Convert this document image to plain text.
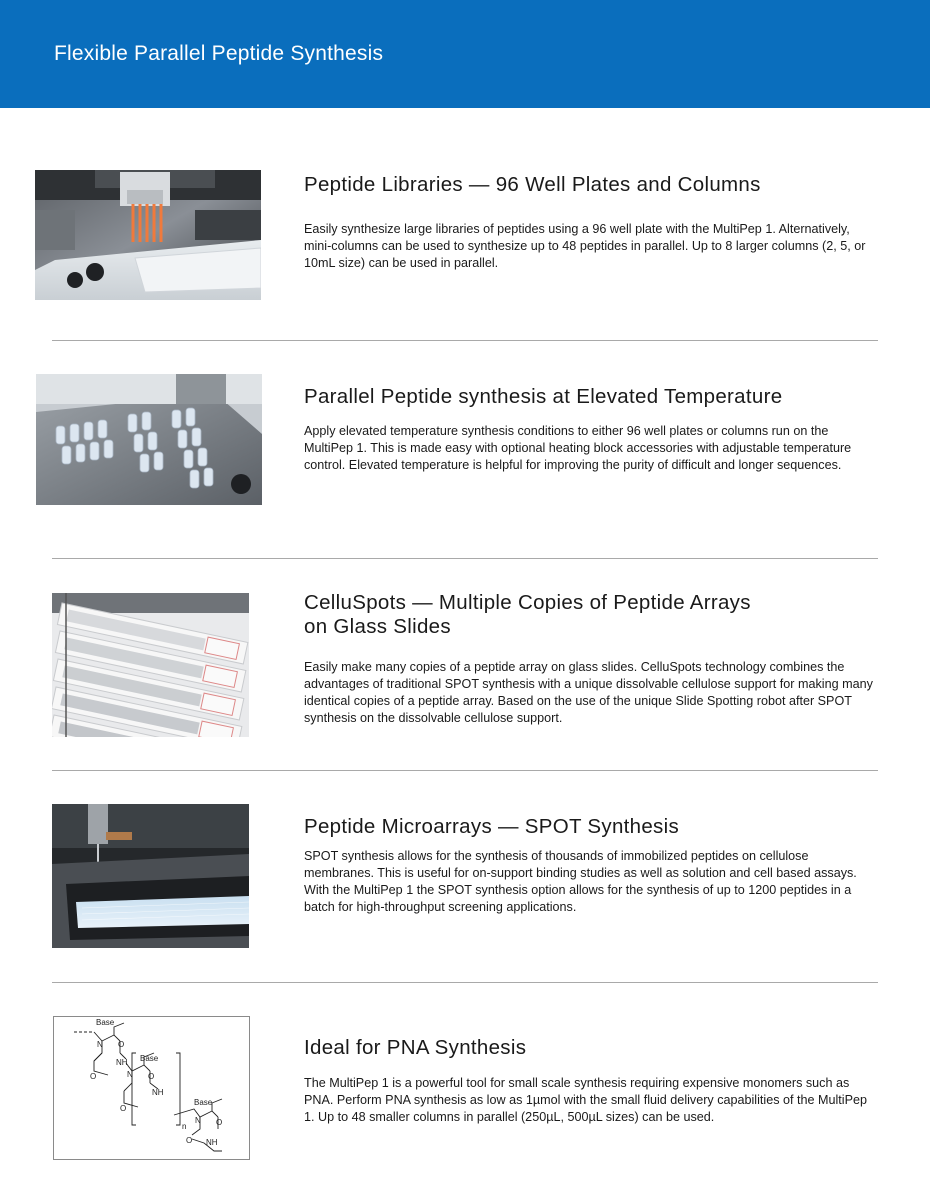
Flexible Parallel Peptide Synthesis
Peptide Libraries — 96 Well Plates and Columns

Easily synthesize large libraries of peptides using a 96 well plate with the MultiPep 1. Alternatively, mini-columns can be used to synthesize up to 48 peptides in parallel. Up to 8 larger columns (2, 5, or 10mL size) can be used in parallel.

Parallel Peptide synthesis at Elevated Temperature

Apply elevated temperature synthesis conditions to either 96 well plates or columns run on the MultiPep 1. This is made easy with optional heating block accessories with adjustable temperature control. Elevated temperature is helpful for improving the purity of difficult and longer sequences.

CelluSpots — Multiple Copies of Peptide Arrays
on Glass Slides

Easily make many copies of a peptide array on glass slides. CelluSpots technology combines the advantages of traditional SPOT synthesis with a unique dissolvable cellulose support for making many identical copies of a peptide array. Based on the use of the unique Slide Spotting robot after SPOT synthesis on the dissolvable cellulose support.

Peptide Microarrays — SPOT Synthesis

SPOT synthesis allows for the synthesis of thousands of immobilized peptides on cellulose membranes. This is useful for on-support binding studies as well as solution and cell based assays. With the MultiPep 1 the SPOT synthesis option allows for the synthesis of up to 1200 peptides in a batch for high-throughput screening applications.

Base
Base
Base
N
N
N
NH
NH
NH
O
O	O
O
O
O
n
Ideal for PNA Synthesis

The MultiPep 1 is a powerful tool for small scale synthesis requiring expensive monomers such as PNA. Perform PNA synthesis as low as 1µmol with the small fluid delivery capabilities of the MultiPep 1. Up to 48 smaller columns in parallel (250µL, 500µL sizes) can be used.
